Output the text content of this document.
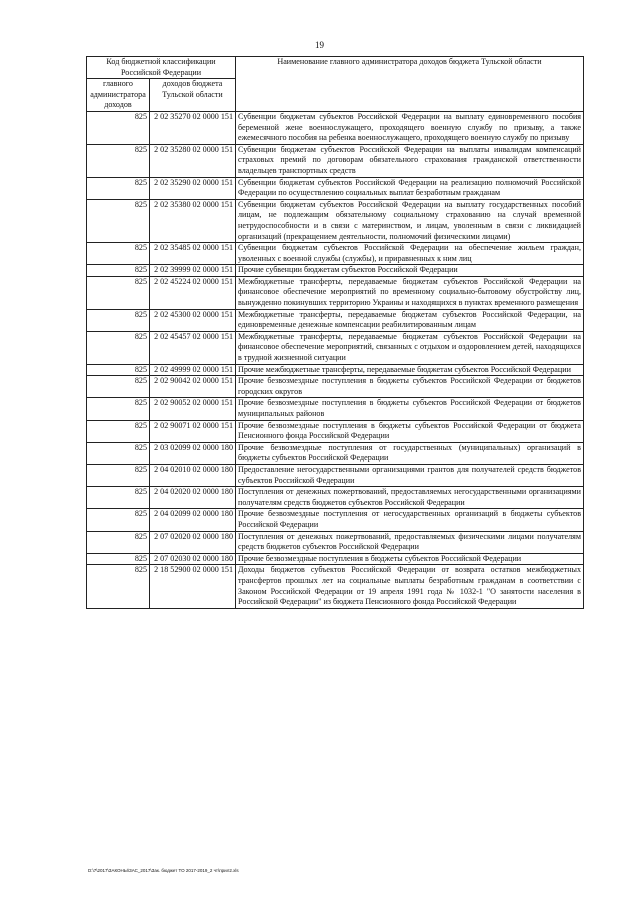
19
Код бюджетной классификации Российской Федерации		Наименование главного администратора доходов бюджета Тульской области
главного администратора доходов	доходов бюджета Тульской области	
825	2 02 35270 02 0000 151	Субвенции бюджетам субъектов Российской Федерации на выплату единовременного пособия беременной жене военнослужащего, проходящего военную службу по призыву, а также ежемесячного пособия на ребенка военнослужащего, проходящего военную службу по призыву
825	2 02 35280 02 0000 151	Субвенции бюджетам субъектов Российской Федерации на выплаты инвалидам компенсаций страховых премий по договорам обязательного страхования гражданской ответственности владельцев транспортных средств
825	2 02 35290 02 0000 151	Субвенции бюджетам субъектов Российской Федерации на реализацию полномочий Российской Федерации по осуществлению социальных выплат безработным гражданам
825	2 02 35380 02 0000 151	Субвенции бюджетам субъектов Российской Федерации на выплату государственных пособий лицам, не подлежащим обязательному социальному страхованию на случай временной нетрудоспособности и в связи с материнством, и лицам, уволенным в связи с ликвидацией организаций (прекращением деятельности, полномочий физическими лицами)
825	2 02 35485 02 0000 151	Субвенции бюджетам субъектов Российской Федерации на обеспечение жильем граждан, уволенных с военной службы (службы), и приравненных к ним лиц
825	2 02 39999 02 0000 151	Прочие субвенции бюджетам субъектов Российской Федерации
825	2 02 45224 02 0000 151	Межбюджетные трансферты, передаваемые бюджетам субъектов Российской Федерации на финансовое обеспечение мероприятий по временному социально-бытовому обустройству лиц, вынужденно покинувших территорию Украины и находящихся в пунктах временного размещения
825	2 02 45300 02 0000 151	Межбюджетные трансферты, передаваемые бюджетам субъектов Российской Федерации, на единовременные денежные компенсации реабилитированным лицам
825	2 02 45457 02 0000 151	Межбюджетные трансферты, передаваемые бюджетам субъектов Российской Федерации на финансовое обеспечение мероприятий, связанных с отдыхом и оздоровлением детей, находящихся в трудной жизненной ситуации
825	2 02 49999 02 0000 151	Прочие межбюджетные трансферты, передаваемые бюджетам субъектов Российской Федерации
825	2 02 90042 02 0000 151	Прочие безвозмездные поступления в бюджеты субъектов Российской Федерации от бюджетов городских округов
825	2 02 90052 02 0000 151	Прочие безвозмездные поступления в бюджеты субъектов Российской Федерации от бюджетов муниципальных районов
825	2 02 90071 02 0000 151	Прочие безвозмездные поступления в бюджеты субъектов Российской Федерации от бюджета Пенсионного фонда Российской Федерации
825	2 03 02099 02 0000 180	Прочие безвозмездные поступления от государственных (муниципальных) организаций в бюджеты субъектов Российской Федерации
825	2 04 02010 02 0000 180	Предоставление негосударственными организациями грантов для получателей средств бюджетов субъектов Российской Федерации
825	2 04 02020 02 0000 180	Поступления от денежных пожертвований, предоставляемых негосударственными организациями получателям средств бюджетов субъектов Российской Федерации
825	2 04 02099 02 0000 180	Прочие безвозмездные поступления от негосударственных организаций в бюджеты субъектов Российской Федерации
825	2 07 02020 02 0000 180	Поступления от денежных пожертвований, предоставляемых физическими лицами получателям средств бюджетов субъектов Российской Федерации
825	2 07 02030 02 0000 180	Прочие безвозмездные поступления в бюджеты субъектов Российской Федерации
825	2 18 52900 02 0000 151	Доходы бюджетов субъектов Российской Федерации от возврата остатков межбюджетных трансфертов прошлых лет на социальные выплаты безработным гражданам в соответствии с Законом Российской Федерации от 19 апреля 1991 года № 1032-1 "О занятости населения в Российской Федерации" из бюджета Пенсионного фонда Российской Федерации
D:\7\2017\ЗАКОНЫ\ЗАС_2017\Зак. бюджет ТО 2017-2019_2 чт\прил2.xls
